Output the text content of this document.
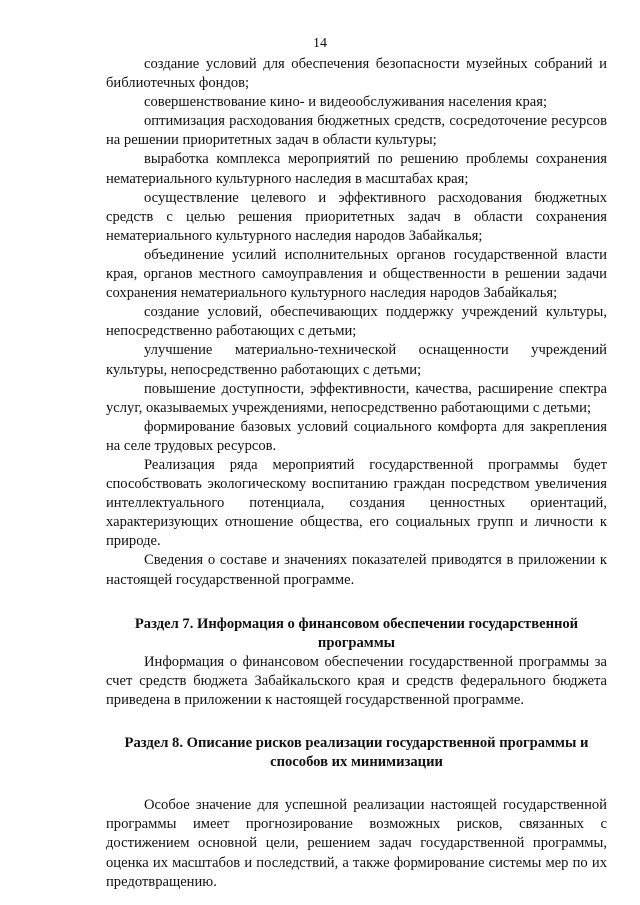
14

создание условий для обеспечения безопасности музейных собраний и библиотечных фондов;

совершенствование кино- и видеообслуживания населения края;

оптимизация расходования бюджетных средств, сосредоточение ресурсов на решении приоритетных задач в области культуры;

выработка комплекса мероприятий по решению проблемы сохранения нематериального культурного наследия в масштабах края;

осуществление целевого и эффективного расходования бюджетных средств с целью решения приоритетных задач в области сохранения нематериального культурного наследия народов Забайкалья;

объединение усилий исполнительных органов государственной власти края, органов местного самоуправления и общественности в решении задачи сохранения нематериального культурного наследия народов Забайкалья;

создание условий, обеспечивающих поддержку учреждений культуры, непосредственно работающих с детьми;

улучшение материально-технической оснащенности учреждений культуры, непосредственно работающих с детьми;

повышение доступности, эффективности, качества, расширение спектра услуг, оказываемых учреждениями, непосредственно работающими с детьми;

формирование базовых условий социального комфорта для закрепления на селе трудовых ресурсов.

Реализация ряда мероприятий государственной программы будет способствовать экологическому воспитанию граждан посредством увеличения интеллектуального потенциала, создания ценностных ориентаций, характеризующих отношение общества, его социальных групп и личности к природе.

Сведения о составе и значениях показателей приводятся в приложении к настоящей государственной программе.

Раздел 7. Информация о финансовом обеспечении государственной программы

Информация о финансовом обеспечении государственной программы за счет средств бюджета Забайкальского края и средств федерального бюджета приведена в приложении к настоящей государственной программе.

Раздел 8. Описание рисков реализации государственной программы и способов их минимизации

Особое значение для успешной реализации настоящей государственной программы имеет прогнозирование возможных рисков, связанных с достижением основной цели, решением задач государственной программы, оценка их масштабов и последствий, а также формирование системы мер по их предотвращению.
